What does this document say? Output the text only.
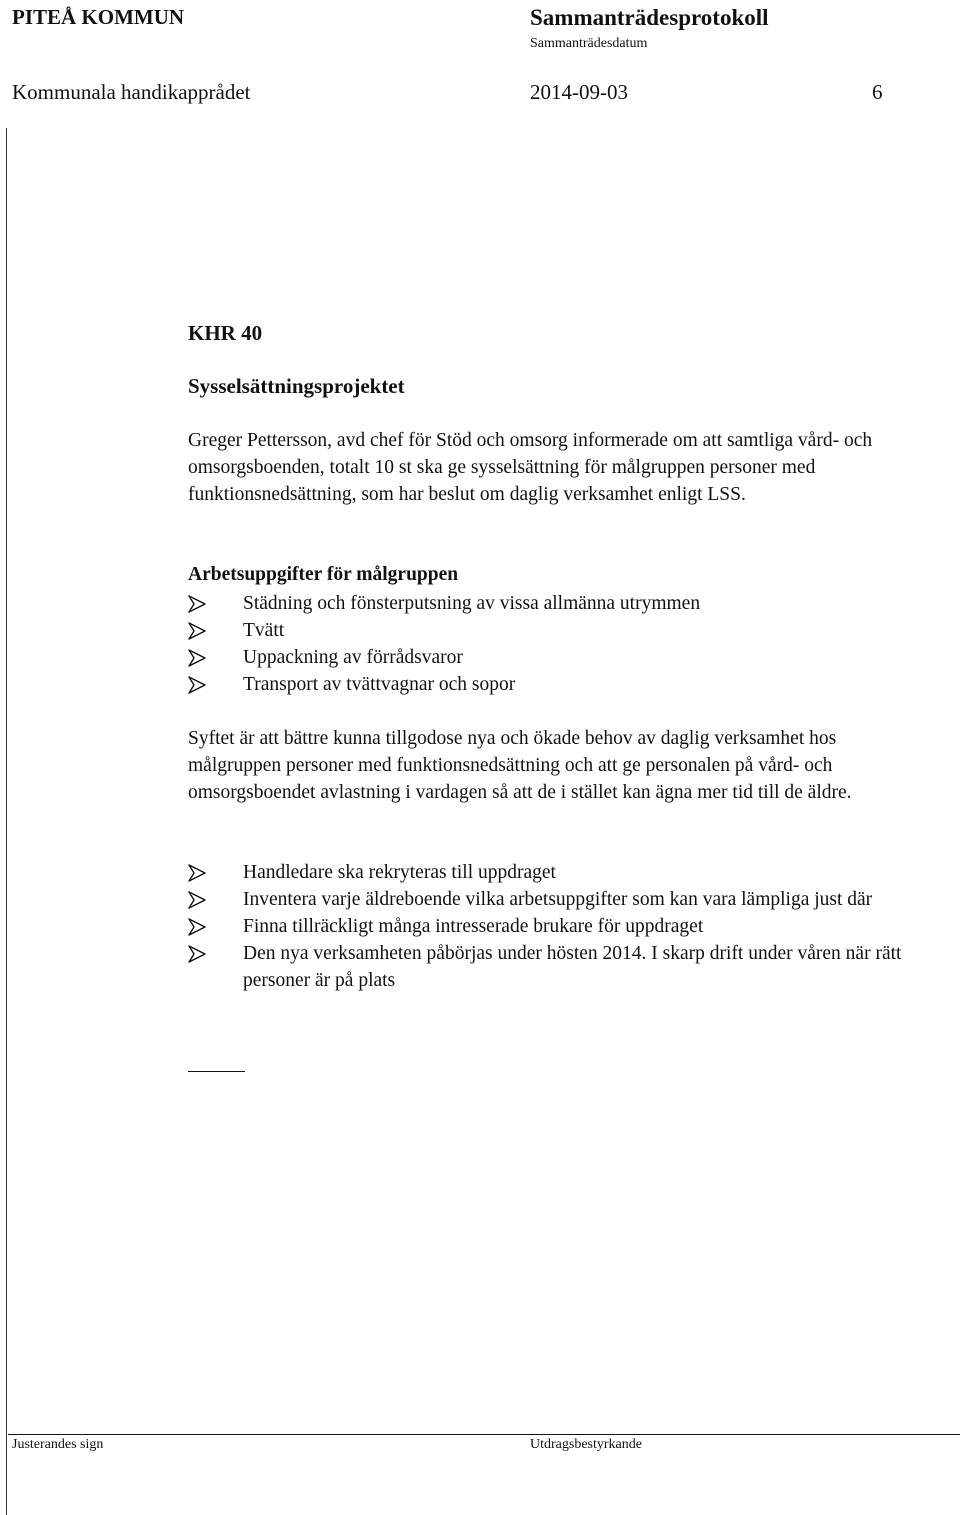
PITEÅ KOMMUN	Sammanträdesprotokoll
Sammanträdesdatum
Kommunala handikapprådet	2014-09-03	6
KHR 40
Sysselsättningsprojektet
Greger Pettersson, avd chef för Stöd och omsorg informerade om att samtliga vård- och omsorgsboenden, totalt 10 st ska ge sysselsättning för målgruppen personer med funktionsnedsättning, som har beslut om daglig verksamhet enligt LSS.
Arbetsuppgifter för målgruppen
Städning och fönsterputsning av vissa allmänna utrymmen
Tvätt
Uppackning av förrådsvaror
Transport av tvättvagnar och sopor
Syftet är att bättre kunna tillgodose nya och ökade behov av daglig verksamhet hos målgruppen personer med funktionsnedsättning och att ge personalen på vård- och omsorgsboendet avlastning i vardagen så att de i stället kan ägna mer tid till de äldre.
Handledare ska rekryteras till uppdraget
Inventera varje äldreboende vilka arbetsuppgifter som kan vara lämpliga just där
Finna tillräckligt många intresserade brukare för uppdraget
Den nya verksamheten påbörjas under hösten 2014. I skarp drift under våren när rätt personer är på plats
Justerandes sign	Utdragsbestyrkande
